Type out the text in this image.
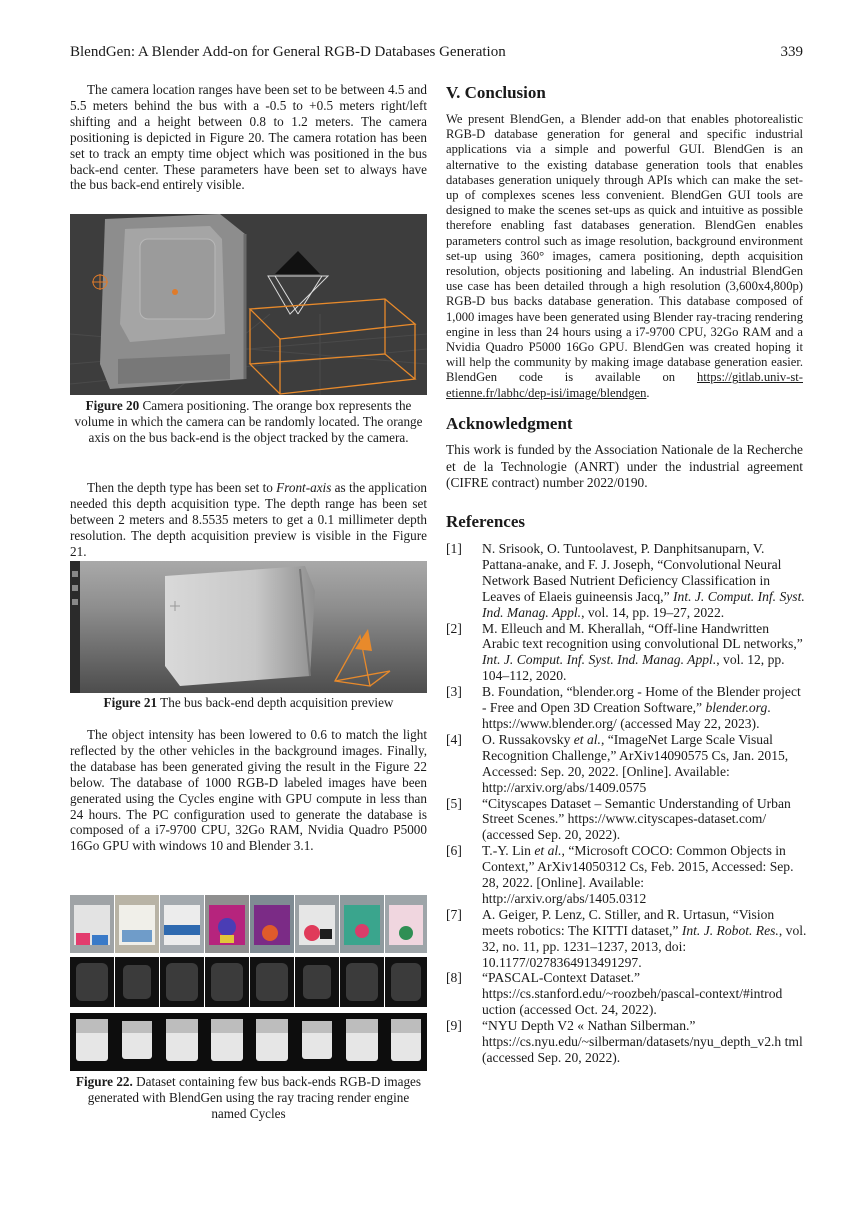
BlendGen: A Blender Add-on for General RGB-D Databases Generation	339

The camera location ranges have been set to be between 4.5 and 5.5 meters behind the bus with a -0.5 to +0.5 meters right/left shifting and a height between 0.8 to 1.2 meters. The camera positioning is depicted in Figure 20. The camera rotation has been set to track an empty time object which was positioned in the bus back-end center. These parameters have been set to always have the bus back-end entirely visible.

Figure 20 Camera positioning. The orange box represents the volume in which the camera can be randomly located. The orange axis on the bus back-end is the object tracked by the camera.

Then the depth type has been set to Front-axis as the application needed this depth acquisition type. The depth range has been set between 2 meters and 8.5535 meters to get a 0.1 millimeter depth resolution. The depth acquisition preview is visible in the Figure 21.

Figure 21 The bus back-end depth acquisition preview

The object intensity has been lowered to 0.6 to match the light reflected by the other vehicles in the background images. Finally, the database has been generated giving the result in the Figure 22 below. The database of 1000 RGB-D labeled images have been generated using the Cycles engine with GPU compute in less than 24 hours. The PC configuration used to generate the database is composed of a i7-9700 CPU, 32Go RAM, Nvidia Quadro P5000 16Go GPU with windows 10 and Blender 3.1.

Figure 22. Dataset containing few bus back-ends RGB-D images generated with BlendGen using the ray tracing render engine named Cycles
V. Conclusion

We present BlendGen, a Blender add-on that enables photorealistic RGB-D database generation for general and specific industrial applications via a simple and powerful GUI. BlendGen is an alternative to the existing database generation tools that enables databases generation uniquely through APIs which can make the set-up of complexes scenes less convenient. BlendGen GUI tools are designed to make the scenes set-ups as quick and intuitive as possible therefore enabling fast databases generation. BlendGen enables parameters control such as image resolution, background environment set-up using 360° images, camera positioning, depth acquisition resolution, objects positioning and labeling. An industrial BlendGen use case has been detailed through a high resolution (3,600x4,800p) RGB-D bus backs database generation. This database composed of 1,000 images have been generated using Blender ray-tracing rendering engine in less than 24 hours using a i7-9700 CPU, 32Go RAM and a Nvidia Quadro P5000 16Go GPU. BlendGen was created hoping it will help the community by making image database generation easier. BlendGen code is available on https://gitlab.univ-st-etienne.fr/labhc/dep-isi/image/blendgen.

Acknowledgment

This work is funded by the Association Nationale de la Recherche et de la Technologie (ANRT) under the industrial agreement (CIFRE contract) number 2022/0190.

References
[1]	N. Srisook, O. Tuntoolavest, P. Danphitsanuparn, V. Pattana-anake, and F. J. Joseph, “Convolutional Neural Network Based Nutrient Deficiency Classification in Leaves of Elaeis guineensis Jacq,” Int. J. Comput. Inf. Syst. Ind. Manag. Appl., vol. 14, pp. 19–27, 2022.
[2]	M. Elleuch and M. Kherallah, “Off-line Handwritten Arabic text recognition using convolutional DL networks,” Int. J. Comput. Inf. Syst. Ind. Manag. Appl., vol. 12, pp. 104–112, 2020.
[3]	B. Foundation, “blender.org - Home of the Blender project - Free and Open 3D Creation Software,” blender.org. https://www.blender.org/ (accessed May 22, 2023).
[4]	O. Russakovsky et al., “ImageNet Large Scale Visual Recognition Challenge,” ArXiv14090575 Cs, Jan. 2015, Accessed: Sep. 20, 2022. [Online]. Available: http://arxiv.org/abs/1409.0575
[5]	“Cityscapes Dataset – Semantic Understanding of Urban Street Scenes.” https://www.cityscapes-dataset.com/ (accessed Sep. 20, 2022).
[6]	T.-Y. Lin et al., “Microsoft COCO: Common Objects in Context,” ArXiv14050312 Cs, Feb. 2015, Accessed: Sep. 28, 2022. [Online]. Available: http://arxiv.org/abs/1405.0312
[7]	A. Geiger, P. Lenz, C. Stiller, and R. Urtasun, “Vision meets robotics: The KITTI dataset,” Int. J. Robot. Res., vol. 32, no. 11, pp. 1231–1237, 2013, doi: 10.1177/0278364913491297.
[8]	“PASCAL-Context Dataset.” https://cs.stanford.edu/~roozbeh/pascal-context/#introd uction (accessed Oct. 24, 2022).
[9]	“NYU Depth V2 « Nathan Silberman.” https://cs.nyu.edu/~silberman/datasets/nyu_depth_v2.h tml (accessed Sep. 20, 2022).
